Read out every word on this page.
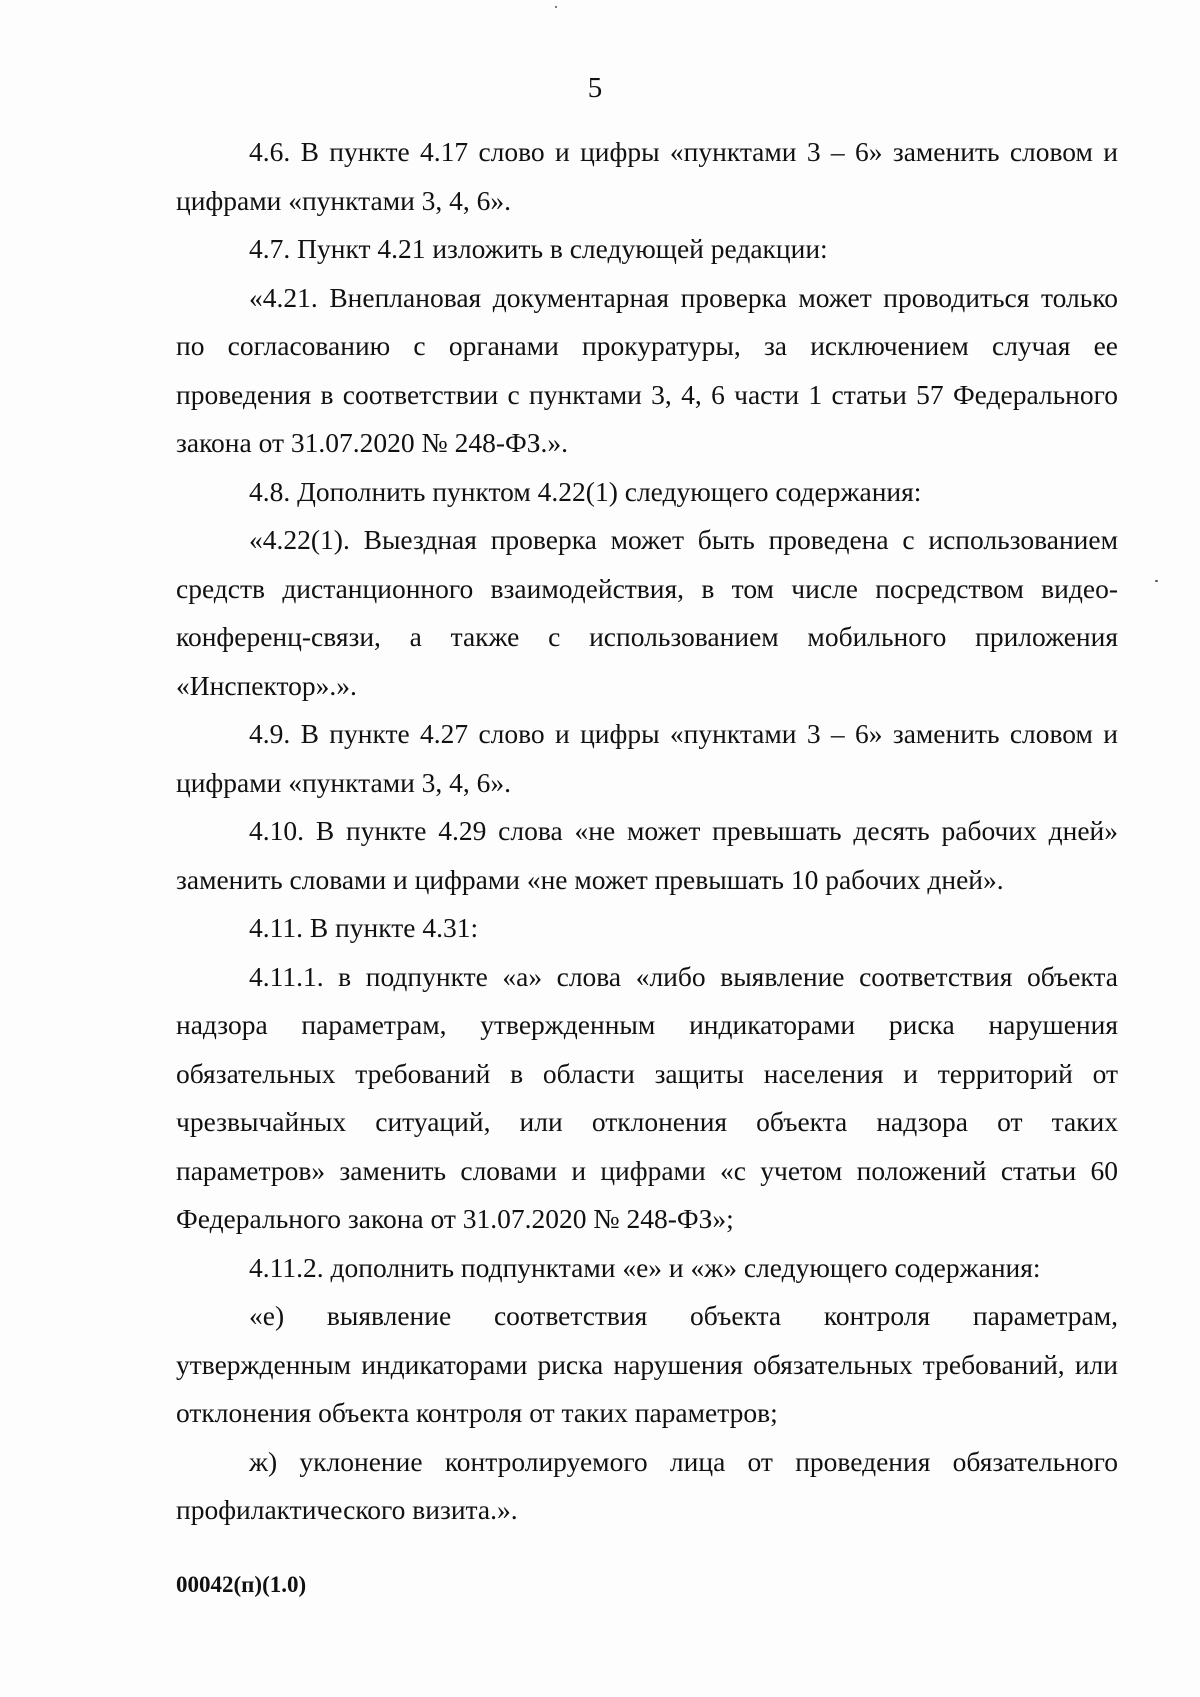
5

4.6. В пункте 4.17 слово и цифры «пунктами 3 – 6» заменить словом и цифрами «пунктами 3, 4, 6».

4.7. Пункт 4.21 изложить в следующей редакции:

«4.21. Внеплановая документарная проверка может проводиться только по согласованию с органами прокуратуры, за исключением случая ее проведения в соответствии с пунктами 3, 4, 6 части 1 статьи 57 Федерального закона от 31.07.2020 № 248-ФЗ.».

4.8. Дополнить пунктом 4.22(1) следующего содержания:

«4.22(1). Выездная проверка может быть проведена с использованием средств дистанционного взаимодействия, в том числе посредством видео-конференц-связи, а также с использованием мобильного приложения «Инспектор».».

4.9. В пункте 4.27 слово и цифры «пунктами 3 – 6» заменить словом и цифрами «пунктами 3, 4, 6».

4.10. В пункте 4.29 слова «не может превышать десять рабочих дней» заменить словами и цифрами «не может превышать 10 рабочих дней».

4.11. В пункте 4.31:

4.11.1. в подпункте «а» слова «либо выявление соответствия объекта надзора параметрам, утвержденным индикаторами риска нарушения обязательных требований в области защиты населения и территорий от чрезвычайных ситуаций, или отклонения объекта надзора от таких параметров» заменить словами и цифрами «с учетом положений статьи 60 Федерального закона от 31.07.2020 № 248-ФЗ»;

4.11.2. дополнить подпунктами «е» и «ж» следующего содержания:

«е) выявление соответствия объекта контроля параметрам, утвержденным индикаторами риска нарушения обязательных требований, или отклонения объекта контроля от таких параметров;

ж) уклонение контролируемого лица от проведения обязательного профилактического визита.».

00042(п)(1.0)
